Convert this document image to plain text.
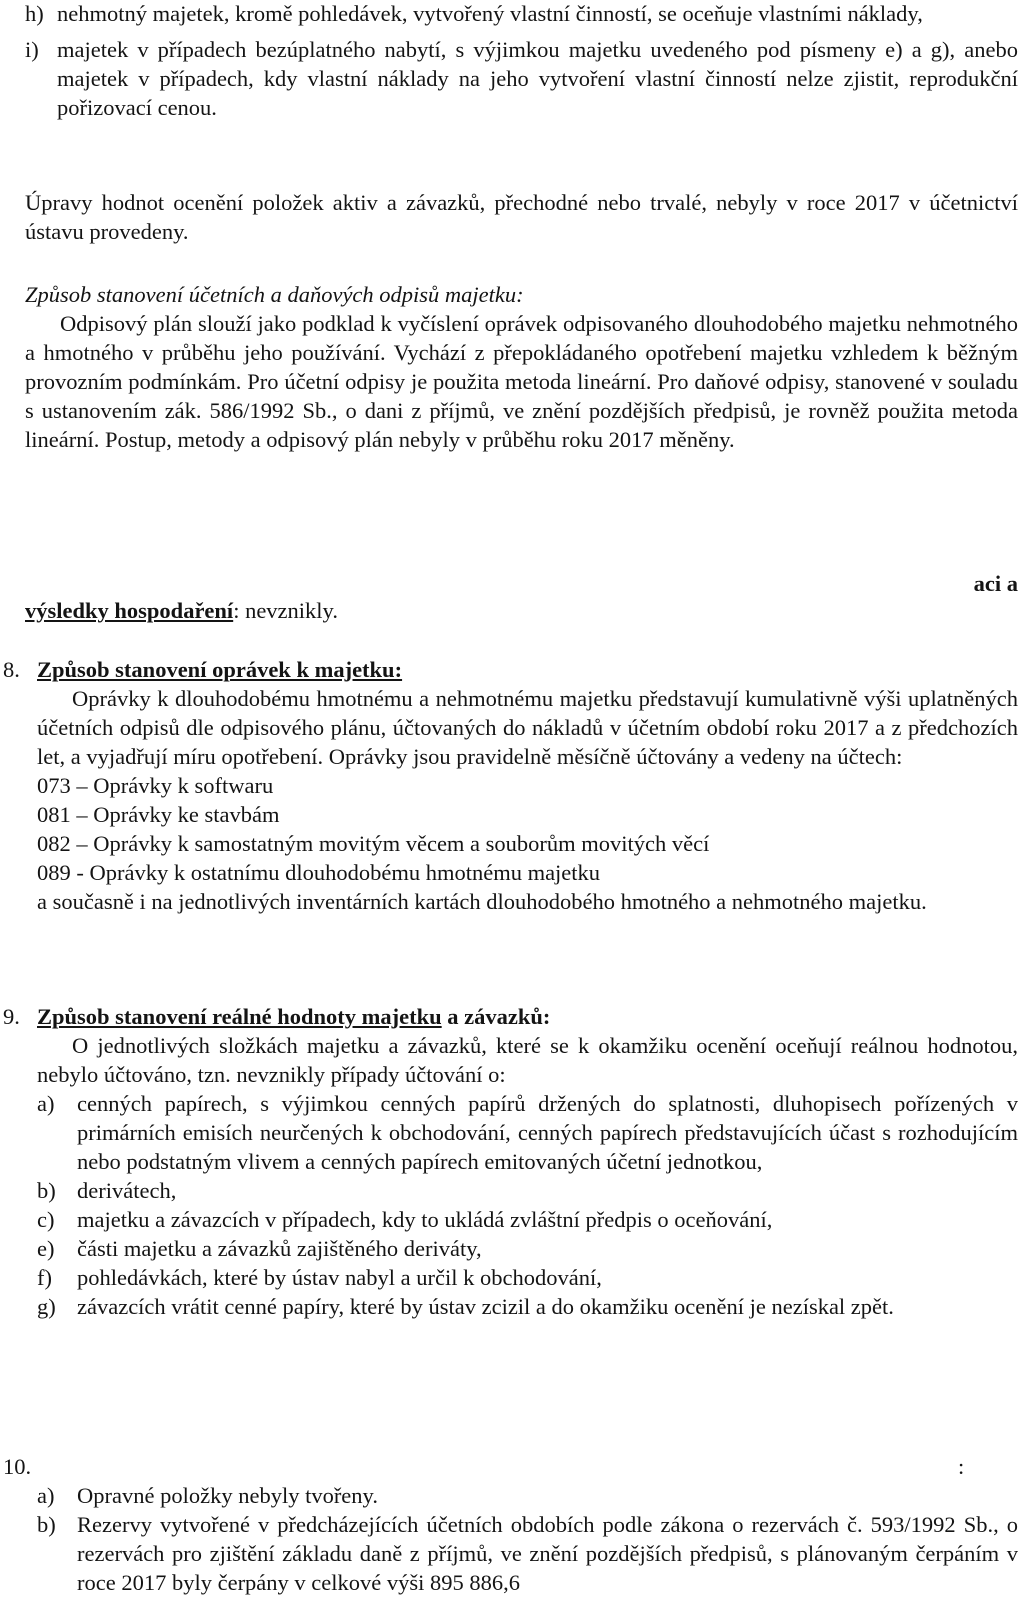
h) nehmotný majetek, kromě pohledávek, vytvořený vlastní činností, se oceňuje vlastními náklady,

i) majetek v případech bezúplatného nabytí, s výjimkou majetku uvedeného pod písmeny e) a g), anebo majetek v případech, kdy vlastní náklady na jeho vytvoření vlastní činností nelze zjistit, reprodukční pořizovací cenou.

Úpravy hodnot ocenění položek aktiv a závazků, přechodné nebo trvalé, nebyly v roce 2017 v účetnictví ústavu provedeny.

Způsob stanovení účetních a daňových odpisů majetku:

Odpisový plán slouží jako podklad k vyčíslení oprávek odpisovaného dlouhodobého majetku nehmotného a hmotného v průběhu jeho používání. Vychází z přepokládaného opotřebení majetku vzhledem k běžným provozním podmínkám. Pro účetní odpisy je použita metoda lineární. Pro daňové odpisy, stanovené v souladu s ustanovením zák. 586/1992 Sb., o dani z příjmů, ve znění pozdějších předpisů, je rovněž použita metoda lineární. Postup, metody a odpisový plán nebyly v průběhu roku 2017 měněny.

aci a

výsledky hospodaření: nevznikly.

8. Způsob stanovení oprávek k majetku:

Oprávky k dlouhodobému hmotnému a nehmotnému majetku představují kumulativně výši uplatněných účetních odpisů dle odpisového plánu, účtovaných do nákladů v účetním období roku 2017 a z předchozích let, a vyjadřují míru opotřebení. Oprávky jsou pravidelně měsíčně účtovány a vedeny na účtech:

073 – Oprávky k softwaru
081 – Oprávky ke stavbám
082 – Oprávky k samostatným movitým věcem a souborům movitých věcí
089 - Oprávky k ostatnímu dlouhodobému hmotnému majetku

a současně i na jednotlivých inventárních kartách dlouhodobého hmotného a nehmotného majetku.

9. Způsob stanovení reálné hodnoty majetku a závazků:

O jednotlivých složkách majetku a závazků, které se k okamžiku ocenění oceňují reálnou hodnotou, nebylo účtováno, tzn. nevznikly případy účtování o:

a) cenných papírech, s výjimkou cenných papírů držených do splatnosti, dluhopisech pořízených v primárních emisích neurčených k obchodování, cenných papírech představujících účast s rozhodujícím nebo podstatným vlivem a cenných papírech emitovaných účetní jednotkou,

b) derivátech,

c) majetku a závazcích v případech, kdy to ukládá zvláštní předpis o oceňování,

e) části majetku a závazků zajištěného deriváty,

f) pohledávkách, které by ústav nabyl a určil k obchodování,

g) závazcích vrátit cenné papíry, které by ústav zcizil a do okamžiku ocenění je nezískal zpět.

10.	:
a) Opravné položky nebyly tvořeny.

b) Rezervy vytvořené v předcházejících účetních obdobích podle zákona o rezervách č. 593/1992 Sb., o rezervách pro zjištění základu daně z příjmů, ve znění pozdějších předpisů, s plánovaným čerpáním v roce 2017 byly čerpány v celkové výši 895 886,6
